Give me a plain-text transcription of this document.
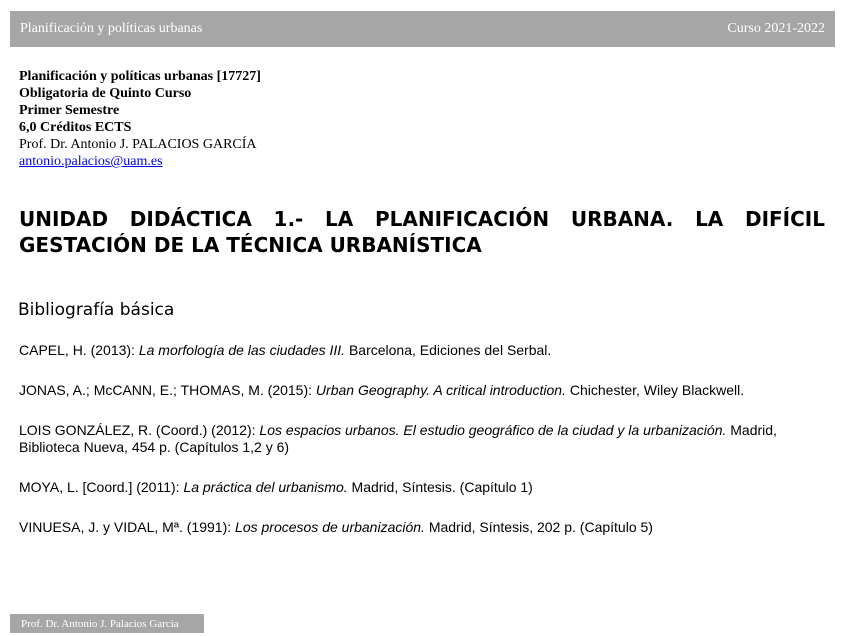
Planificación y políticas urbanas	Curso 2021-2022
Planificación y políticas urbanas [17727]
Obligatoria de Quinto Curso
Primer Semestre
6,0 Créditos ECTS
Prof. Dr. Antonio J. PALACIOS GARCÍA
antonio.palacios@uam.es
UNIDAD DIDÁCTICA 1.- LA PLANIFICACIÓN URBANA. LA DIFÍCIL GESTACIÓN DE LA TÉCNICA URBANÍSTICA
Bibliografía básica

CAPEL, H. (2013): La morfología de las ciudades III. Barcelona, Ediciones del Serbal.

JONAS, A.; McCANN, E.; THOMAS, M. (2015): Urban Geography. A critical introduction. Chichester, Wiley Blackwell.

LOIS GONZÁLEZ, R. (Coord.) (2012): Los espacios urbanos. El estudio geográfico de la ciudad y la urbanización. Madrid, Biblioteca Nueva, 454 p. (Capítulos 1,2 y 6)

MOYA, L. [Coord.] (2011): La práctica del urbanismo. Madrid, Síntesis. (Capítulo 1)

VINUESA, J. y VIDAL, Mª. (1991): Los procesos de urbanización. Madrid, Síntesis, 202 p. (Capítulo 5)

Prof. Dr. Antonio J. Palacios García
